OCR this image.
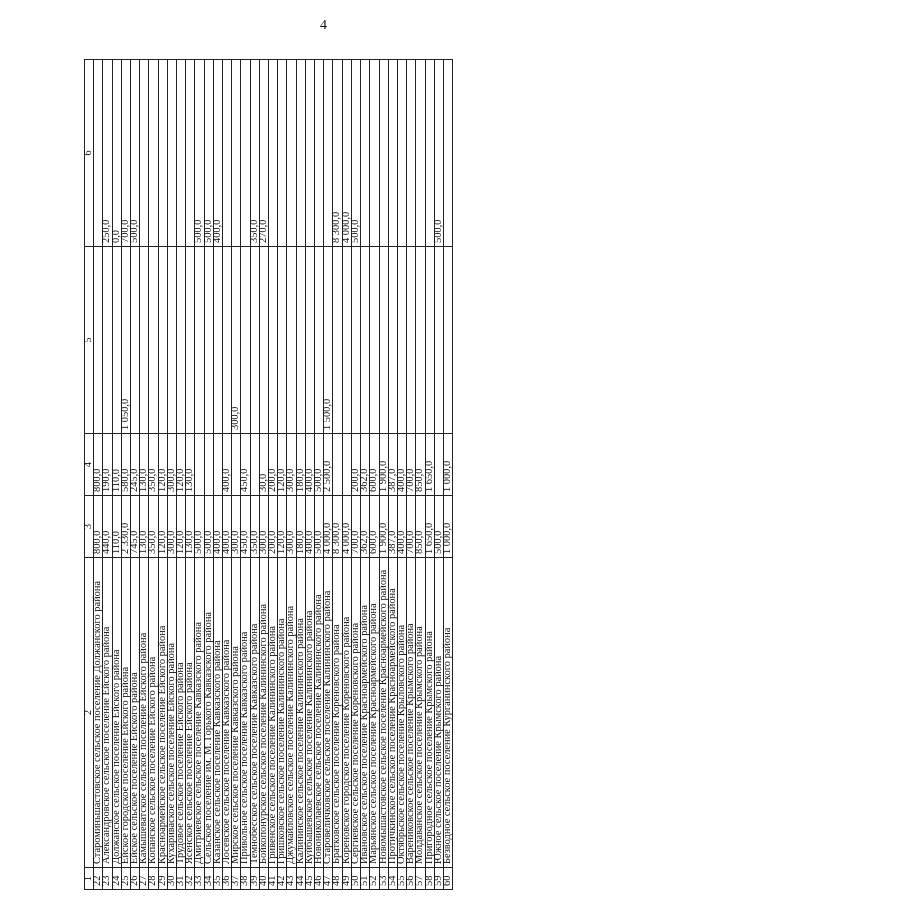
4
1	2	3	4	5	6
22	Староминьшастовское сельское поселение Должанского района	800,0	800,0		
23	Александровское сельское поселение Ейского района	440,0	190,0		250,0
24	Должанское сельское поселение Ейского района	110,0	110,0		0,0
25	Ейское городское поселение Ейского района	2 330,0	580,0	1 050,0	700,0
26	Ейское сельское поселение Ейского района	745,0	245,0		500,0
27	Камышеватское сельское поселение Ейского района	130,0	130,0		
28	Копанское сельское поселение Ейского района	350,0	350,0		
29	Красноармейское сельское поселение Ейского района	120,0	120,0		
30	Кухариваское сельское поселение Ейского района	300,0	300,0		
31	Трудовое сельское поселение Ейского района	120,0	120,0		
32	Ясенское сельское поселение Ейского района	130,0	130,0		
33	Дмитриевское сельское поселение Кавказского района	500,0			500,0
34	Сельское поселение им. М. Горького Кавказского района	500,0			500,0
35	Казанское сельское поселение Кавказского района	400,0			400,0
36	Лосевское сельское поселение Кавказского района	400,0	400,0		
37	Мирское сельское поселение Кавказского района	300,0		300,0	
38	Привольное сельское поселение Кавказского района	450,0	450,0		
39	Темнобесское сельское поселение Кавказского района	350,0			350,0
40	Бойкопонурское сельское поселение Калининского района	300,0	30,0		270,0
41	Гривенское сельское поселение Калининского района	200,0	200,0		
42	Гришковское сельское поселение Калининского района	120,0	120,0		
43	Джумайловское сельское поселение Калининского района	300,0	300,0		
44	Калининское сельское поселение Калининского района	180,0	180,0		
45	Куйбышевское сельское поселение Калининского района	400,0	400,0		
46	Новониколаевское сельское поселение Калининского района	500,0	500,0		
47	Старовеличковское сельское поселение Калининского района	4 000,0	2 500,0	1 500,0	
48	Братковское сельское поселение Кореновского района	8 300,0			8 300,0
49	Кореновское городское поселение Кореновского района	4 000,0			4 000,0
50	Сергиевское сельское поселение Кореновского района	700,0	200,0		500,0
51	Ивановское сельское поселение Красноармейского района	362,0	362,0		
52	Марьянское сельское поселение Красноармейского района	600,0	600,0		
53	Новомышастовское сельское поселение Красноармейского района	1 900,0	1 900,0		
54	Протичкинское сельское поселение Красноармейского района	387,0	387,0		
55	Октябрьское сельское поселение Крыловского района	400,0	400,0		
56	Варениковское сельское поселение Крымского района	700,0	700,0		
57	Молдаванское сельское поселение Крымского района	850,0	850,0		
58	Пригородное сельское поселение Крымского района	1 650,0	1 650,0		
59	Южное сельское поселение Крымского района	500,0			500,0
60	Безводное сельское поселение Курганинского района	1 000,0	1 000,0		
